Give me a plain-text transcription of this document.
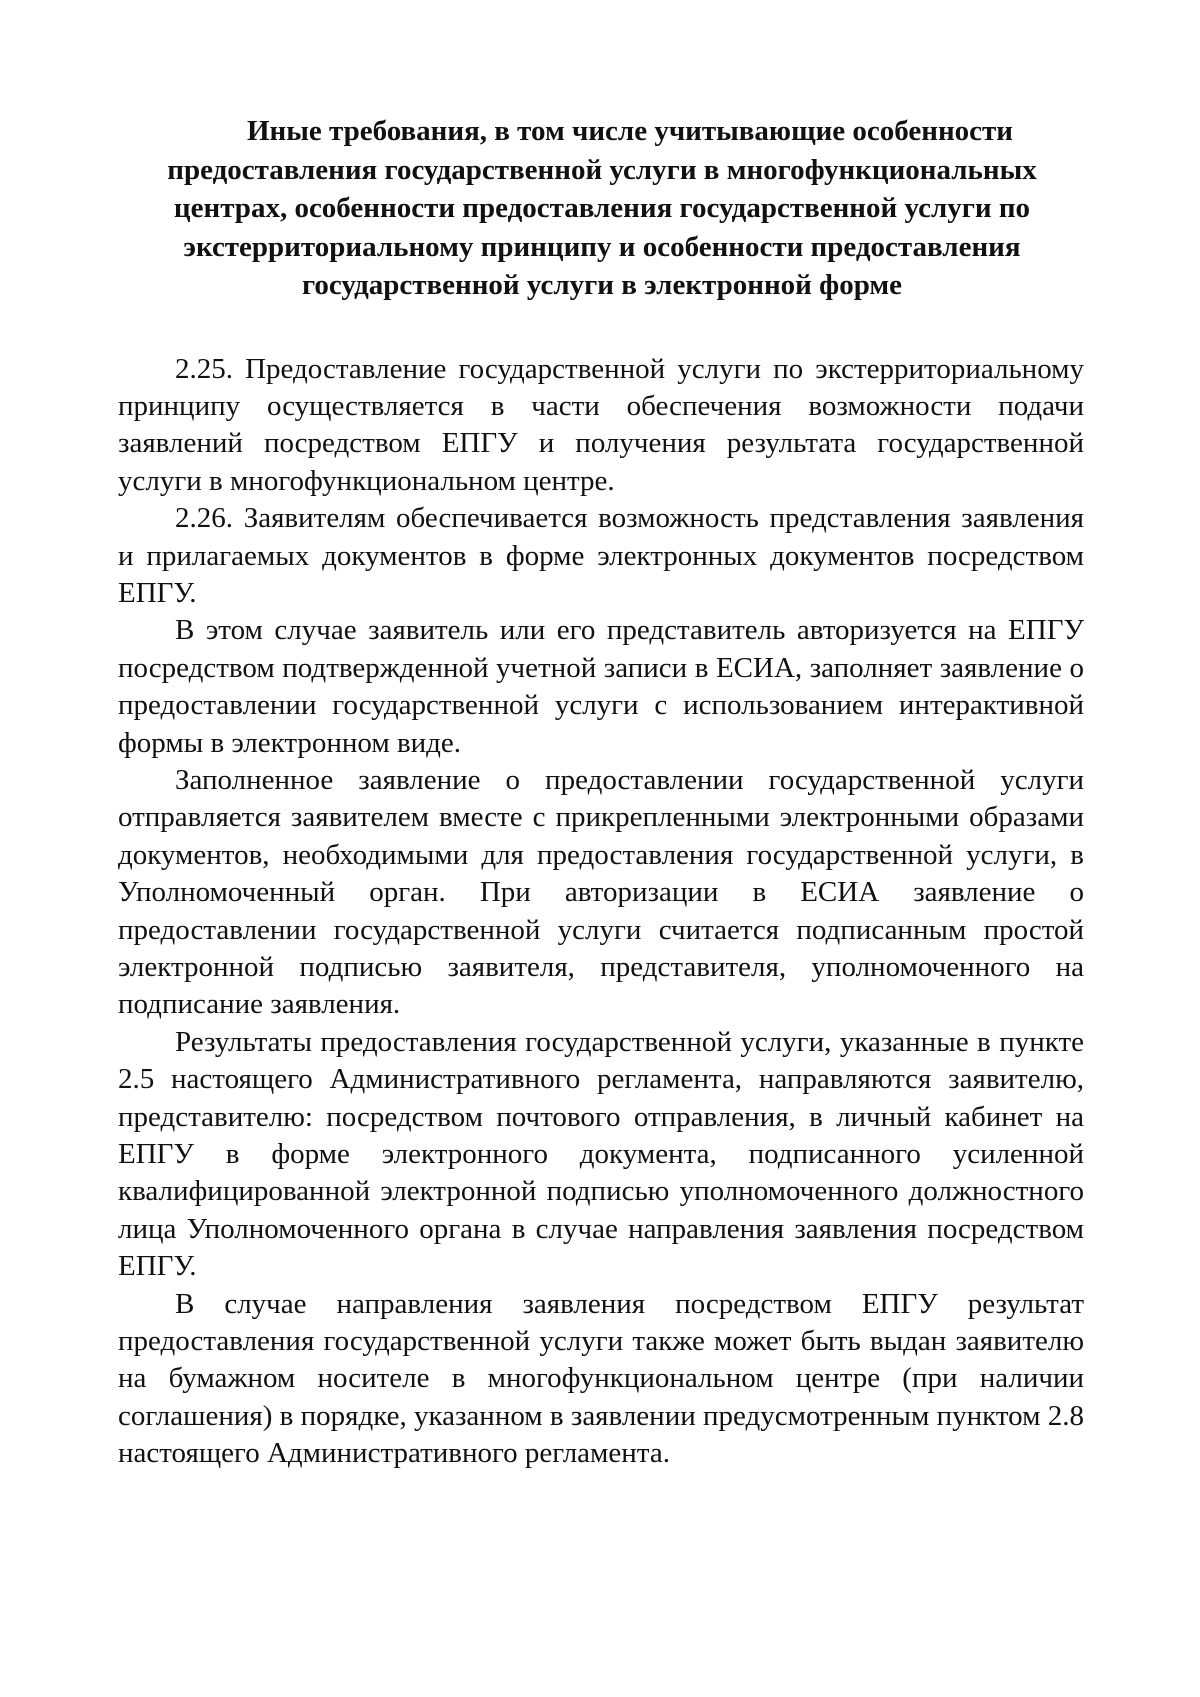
Иные требования, в том числе учитывающие особенности
предоставления государственной услуги в многофункциональных
центрах, особенности предоставления государственной услуги по
экстерриториальному принципу и особенности предоставления
государственной услуги в электронной форме

2.25. Предоставление государственной услуги по экстерриториальному принципу осуществляется в части обеспечения возможности подачи заявлений посредством ЕПГУ и получения результата государственной услуги в многофункциональном центре.

2.26. Заявителям обеспечивается возможность представления заявления и прилагаемых документов в форме электронных документов посредством ЕПГУ.

В этом случае заявитель или его представитель авторизуется на ЕПГУ посредством подтвержденной учетной записи в ЕСИА, заполняет заявление о предоставлении государственной услуги с использованием интерактивной формы в электронном виде.

Заполненное заявление о предоставлении государственной услуги отправляется заявителем вместе с прикрепленными электронными образами документов, необходимыми для предоставления государственной услуги, в Уполномоченный орган. При авторизации в ЕСИА заявление о предоставлении государственной услуги считается подписанным простой электронной подписью заявителя, представителя, уполномоченного на подписание заявления.

Результаты предоставления государственной услуги, указанные в пункте 2.5 настоящего Административного регламента, направляются заявителю, представителю: посредством почтового отправления, в личный кабинет на ЕПГУ в форме электронного документа, подписанного усиленной квалифицированной электронной подписью уполномоченного должностного лица Уполномоченного органа в случае направления заявления посредством ЕПГУ.

В случае направления заявления посредством ЕПГУ результат предоставления государственной услуги также может быть выдан заявителю на бумажном носителе в многофункциональном центре (при наличии соглашения) в порядке, указанном в заявлении предусмотренным пунктом 2.8 настоящего Административного регламента.
